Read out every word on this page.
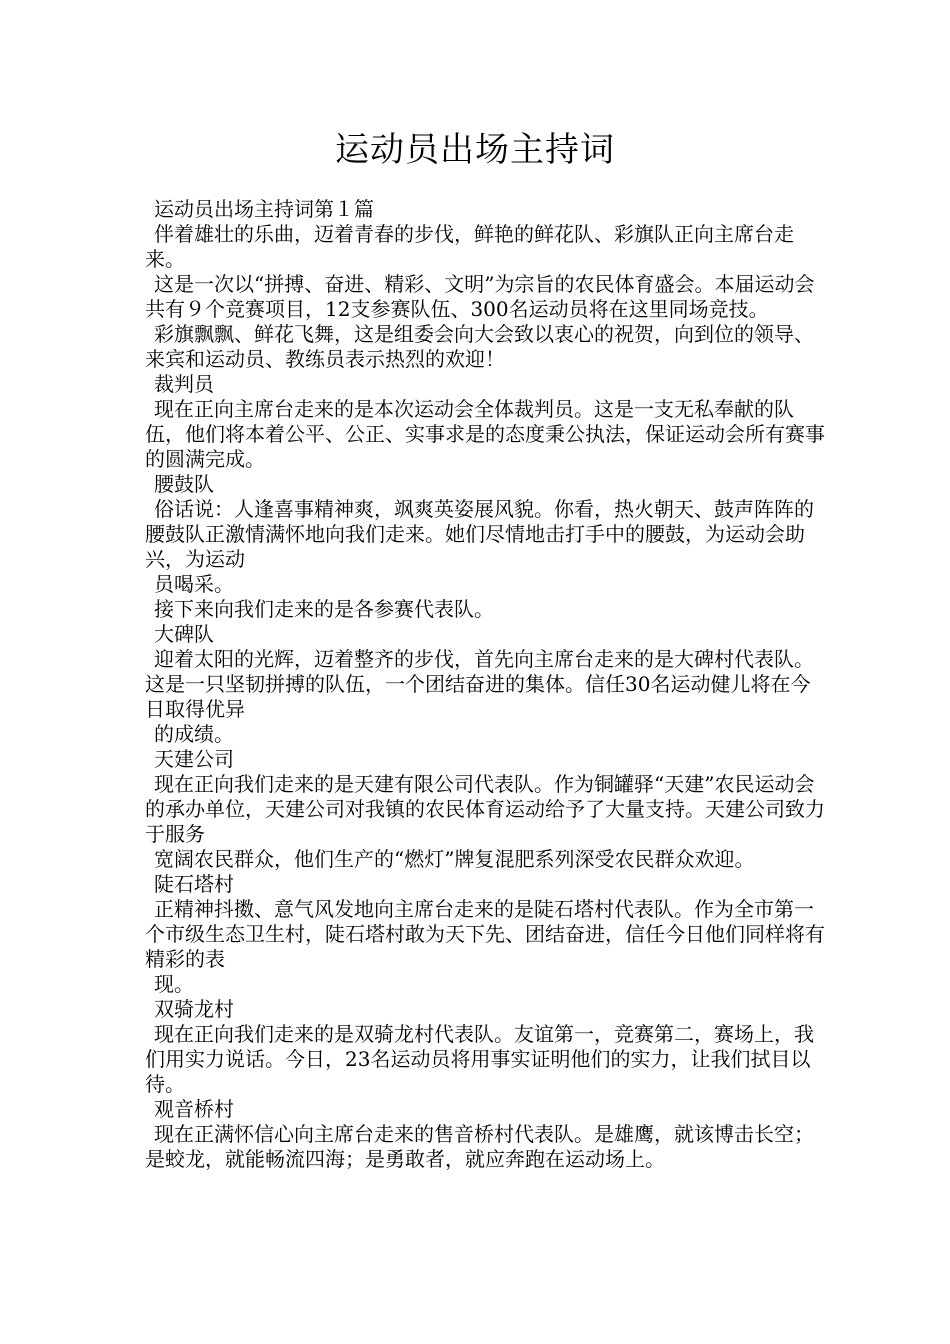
运动员出场主持词

运动员出场主持词第１篇

伴着雄壮的乐曲，迈着青春的步伐，鲜艳的鲜花队、彩旗队正向主席台走来。

这是一次以“拼搏、奋进、精彩、文明”为宗旨的农民体育盛会。本届运动会共有９个竞赛项目，12支参赛队伍、300名运动员将在这里同场竞技。

彩旗飘飘、鲜花飞舞，这是组委会向大会致以衷心的祝贺，向到位的领导、来宾和运动员、教练员表示热烈的欢迎！

裁判员

现在正向主席台走来的是本次运动会全体裁判员。这是一支无私奉献的队伍，他们将本着公平、公正、实事求是的态度秉公执法，保证运动会所有赛事的圆满完成。

腰鼓队

俗话说：人逢喜事精神爽，飒爽英姿展风貌。你看，热火朝天、鼓声阵阵的腰鼓队正激情满怀地向我们走来。她们尽情地击打手中的腰鼓，为运动会助兴，为运动

员喝采。

接下来向我们走来的是各参赛代表队。

大碑队

迎着太阳的光辉，迈着整齐的步伐，首先向主席台走来的是大碑村代表队。这是一只坚韧拼搏的队伍，一个团结奋进的集体。信任30名运动健儿将在今日取得优异

的成绩。

天建公司

现在正向我们走来的是天建有限公司代表队。作为铜罐驿“天建”农民运动会的承办单位，天建公司对我镇的农民体育运动给予了大量支持。天建公司致力于服务

宽阔农民群众，他们生产的“燃灯”牌复混肥系列深受农民群众欢迎。

陡石塔村

正精神抖擞、意气风发地向主席台走来的是陡石塔村代表队。作为全市第一个市级生态卫生村，陡石塔村敢为天下先、团结奋进，信任今日他们同样将有精彩的表

现。

双骑龙村

现在正向我们走来的是双骑龙村代表队。友谊第一，竞赛第二，赛场上，我们用实力说话。今日，23名运动员将用事实证明他们的实力，让我们拭目以待。

观音桥村

现在正满怀信心向主席台走来的售音桥村代表队。是雄鹰，就该博击长空；是蛟龙，就能畅流四海；是勇敢者，就应奔跑在运动场上。
